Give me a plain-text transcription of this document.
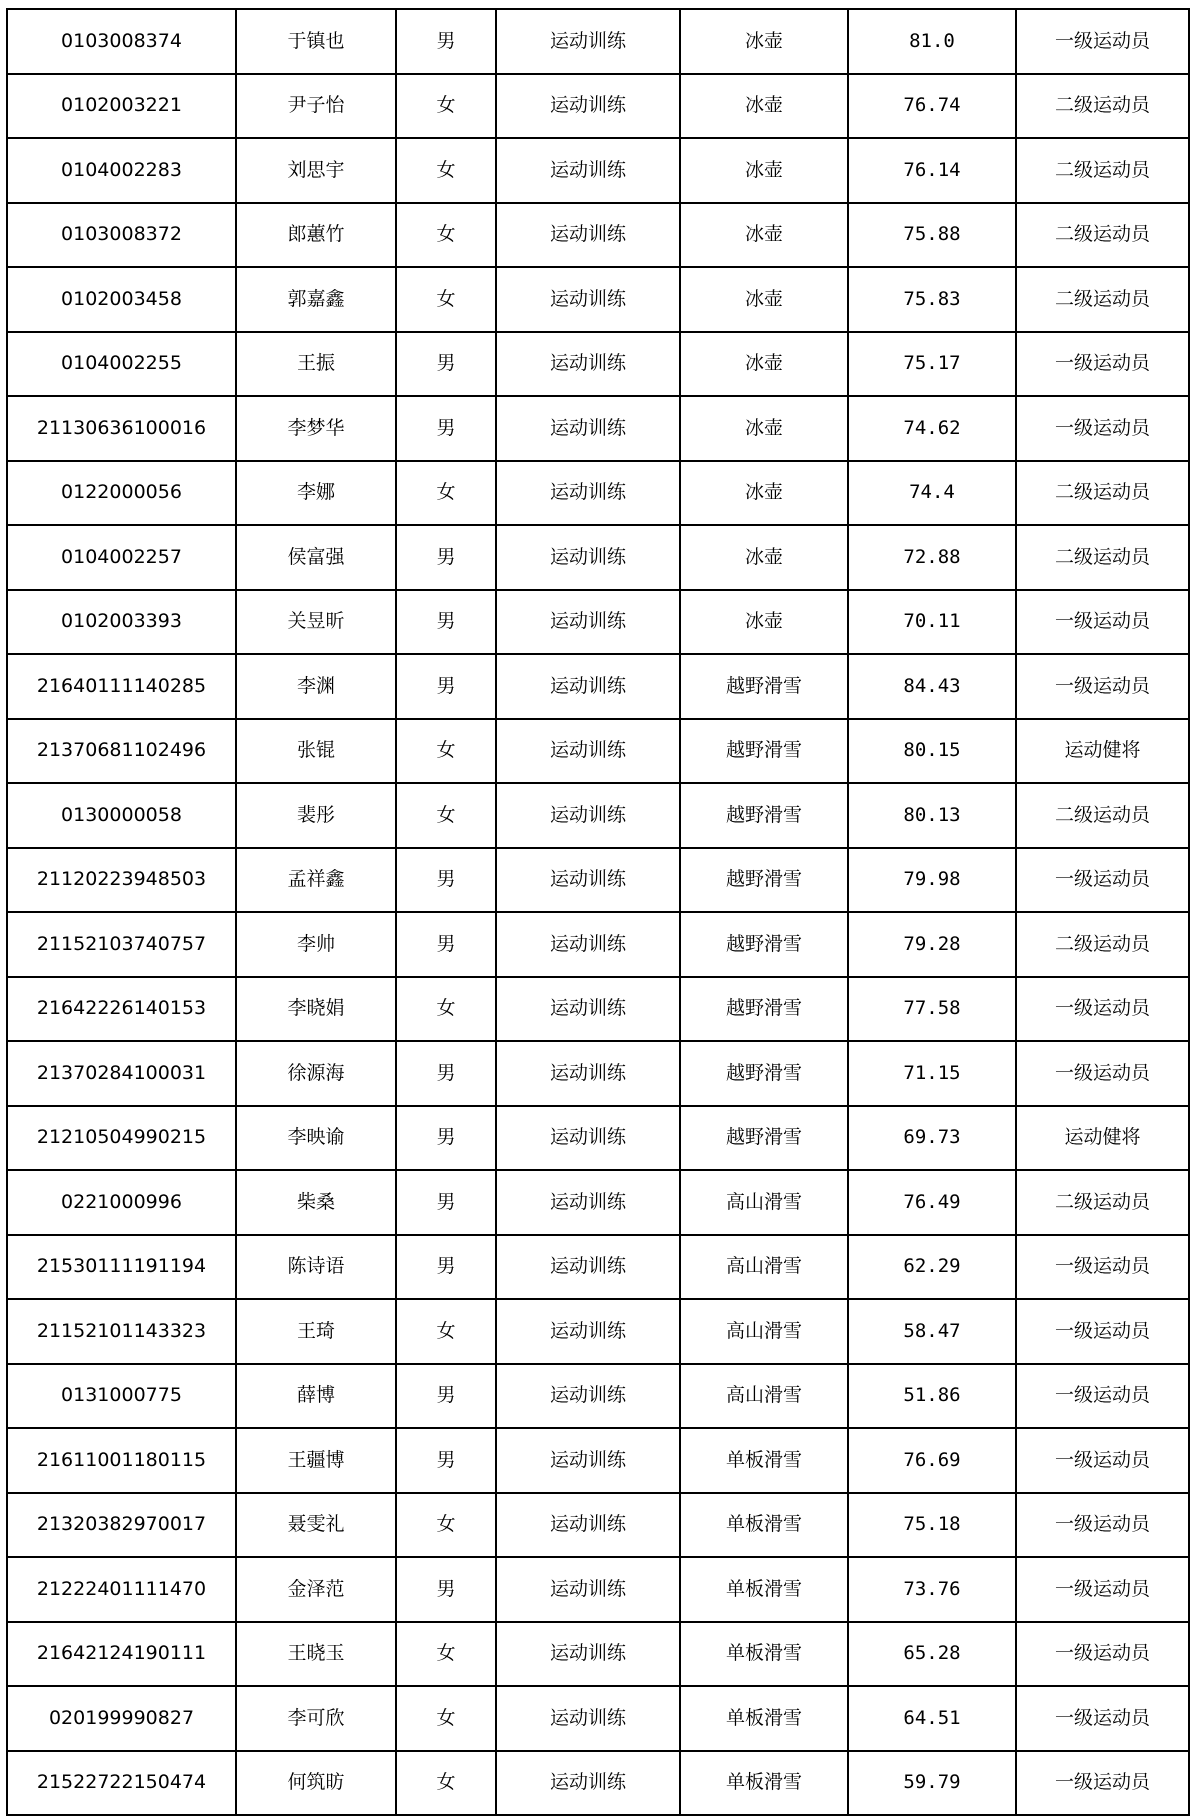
0103008374	于镇也	男	运动训练	冰壶	81.0	一级运动员
0102003221	尹子怡	女	运动训练	冰壶	76.74	二级运动员
0104002283	刘思宇	女	运动训练	冰壶	76.14	二级运动员
0103008372	郎蕙竹	女	运动训练	冰壶	75.88	二级运动员
0102003458	郭嘉鑫	女	运动训练	冰壶	75.83	二级运动员
0104002255	王振	男	运动训练	冰壶	75.17	一级运动员
21130636100016	李梦华	男	运动训练	冰壶	74.62	一级运动员
0122000056	李娜	女	运动训练	冰壶	74.4	二级运动员
0104002257	侯富强	男	运动训练	冰壶	72.88	二级运动员
0102003393	关昱昕	男	运动训练	冰壶	70.11	一级运动员
21640111140285	李渊	男	运动训练	越野滑雪	84.43	一级运动员
21370681102496	张锟	女	运动训练	越野滑雪	80.15	运动健将
0130000058	裴彤	女	运动训练	越野滑雪	80.13	二级运动员
21120223948503	孟祥鑫	男	运动训练	越野滑雪	79.98	一级运动员
21152103740757	李帅	男	运动训练	越野滑雪	79.28	二级运动员
21642226140153	李晓娟	女	运动训练	越野滑雪	77.58	一级运动员
21370284100031	徐源海	男	运动训练	越野滑雪	71.15	一级运动员
21210504990215	李映谕	男	运动训练	越野滑雪	69.73	运动健将
0221000996	柴桑	男	运动训练	高山滑雪	76.49	二级运动员
21530111191194	陈诗语	男	运动训练	高山滑雪	62.29	一级运动员
21152101143323	王琦	女	运动训练	高山滑雪	58.47	一级运动员
0131000775	薛博	男	运动训练	高山滑雪	51.86	一级运动员
21611001180115	王疆博	男	运动训练	单板滑雪	76.69	一级运动员
21320382970017	聂雯礼	女	运动训练	单板滑雪	75.18	一级运动员
21222401111470	金泽范	男	运动训练	单板滑雪	73.76	一级运动员
21642124190111	王晓玉	女	运动训练	单板滑雪	65.28	一级运动员
020199990827	李可欣	女	运动训练	单板滑雪	64.51	一级运动员
21522722150474	何筑昉	女	运动训练	单板滑雪	59.79	一级运动员
